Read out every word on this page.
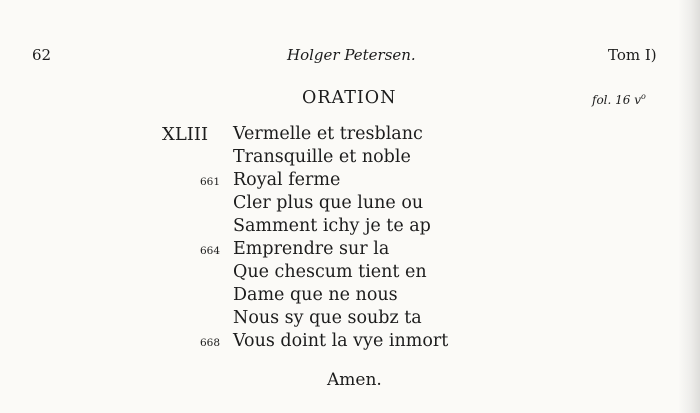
62	Holger Petersen.	Tom I)
ORATION	fol. 16 $v^o$
XLIII Vermelle et tresblanc
Transquille et noble
661 Royal ferme
Cler plus que lune ou
Samment ichy je te ap
664 Emprendre sur la
Que chescum tient en
Dame que ne nous
Nous sy que soubz ta
668 Vous doint la vye inmort
Amen.
